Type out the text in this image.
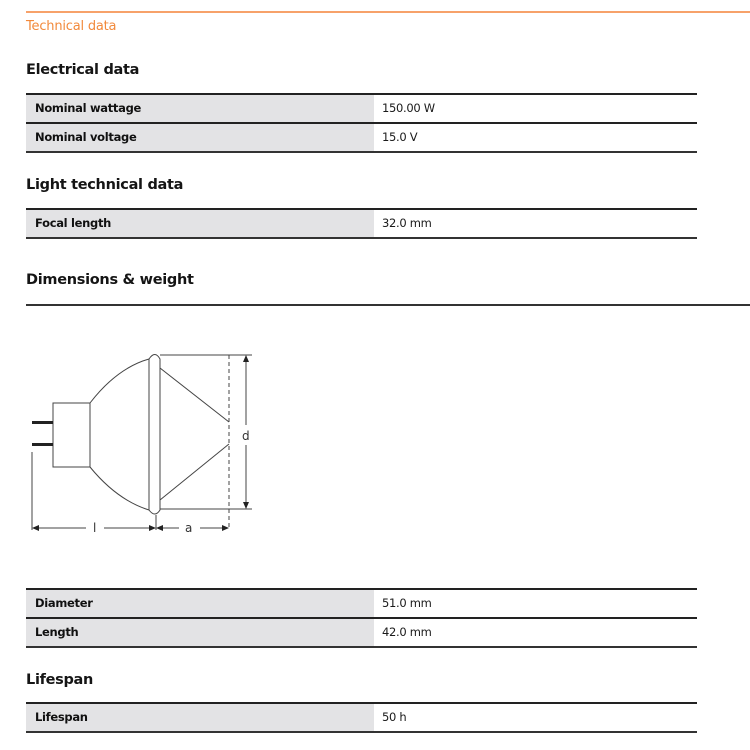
Technical data
Electrical data
Nominal wattage	150.00 W
Nominal voltage	15.0 V
Light technical data
Focal length	32.0 mm
Dimensions & weight
d
l	a
Diameter	51.0 mm
Length	42.0 mm
Lifespan
Lifespan	50 h
